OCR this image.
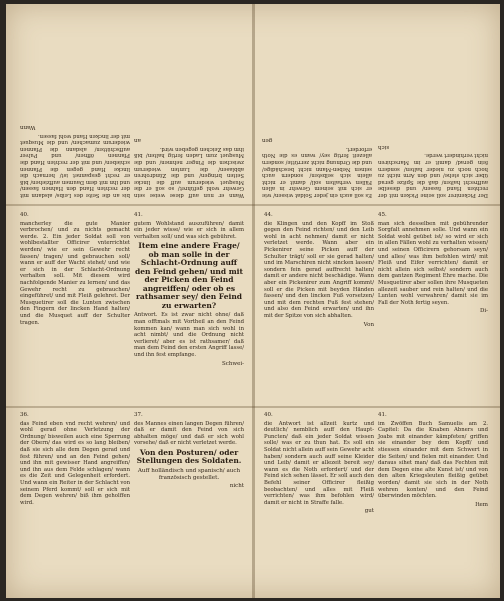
bis an die Seite des Leibs/ alsdann mit der rechten Hand den Hahnen fassen/ und ihn mit dem Daumen auffziehen/ biß er recht gespannet ist/ hernach die lincke Hand gegen die Pfannen schieben/ und mit der rechten Hand die Pfannen öffnen/ und Pulver auffschütten/ alsdann die Pfannen wiederum zumachen/ und die Musquet mit der lincken Hand wohl fassen.

Wann

Wann er nun auff diese weise sein Gewehr wohl geführet/ so soll er die Musquet wiederum auff die lincke Seiten bringen/ und die Zündrohren abblasen/ die Lunten wiederum zwischen die Finger nehmen/ und die Musquet zum Laden fertig halten/ biß ihm das Zeichen gegeben wird.

an

Es soll auch ein jeder Soldat wissen/ wie er sich mit seinem Gewehr in allen Fällen verhalten soll/ damit er nicht allein sich selbsten/ sondern auch seinen Neben-Mann nicht beschädige/ und die Ordnung nicht zerrütte/ sondern allezeit fertig sey/ wann es die Noth erfordert.

gen

Der Pickenirer soll seine Picken mit der rechten Hand fassen/ und dieselbe auffrecht halten/ daß die Spitze gerad über sich stehe/ und den Arm nicht zu hoch noch zu nieder halten/ sondern fein gerad/ damit er im Marschiren nicht verhindert werde.

sich
40.

mancherley die gute Manier verbrochen/ und zu nichts gemacht werde. 2. Ein jeder Soldat soll von wohlbestallter Officirer vnterrichtet werden/ wie er sein Gewehr recht fassen/ tragen/ und gebrauchen soll/ wann er auff der Wacht stehet/ und wie er sich in der Schlacht-Ordnung verhalten soll. Mit diesem wird nachfolgende Manier zu lernen/ und das Gewehr recht zu gebrauchen/ eingeführet/ und mit Fleiß gelehret. Der Musquetirer soll die Lunten zwischen den Fingern der lincken Hand halten/ und die Musquet auff der Schulter tragen.

41.

gutem Wohlstand auszuführen/ damit ein jeder wisse/ wie er sich in allem verhalten soll/ und was sich gebühret.

Item eine andere Frage/ ob man solle in der Schlacht-Ordnung auff den Feind gehen/ und mit der Picken den Feind angreiffen/ oder ob es rathsamer sey/ den Feind zu erwarten?

Antwort. Es ist zwar nicht ohne/ daß man offtmals mit Vortheil an den Feind kommen kan/ wann man sich wohl in acht nimbt/ und die Ordnung nicht verlieret/ aber es ist rathsamer/ daß man dem Feind den ersten Angriff lasse/ und ihn fest empfange.

Schwei-
44.

die Klingen und den Kopff im Stoß gegen den Feind richten/ und den Leib wohl in acht nehmen/ damit er nicht verletzet werde. Wann aber ein Pickenirer seine Picken auff der Schulter trägt/ soll er sie gerad halten/ und im Marschiren nicht sincken lassen/ sondern fein gerad auffrecht halten/ damit er andere nicht beschädige. Wann aber ein Pickenirer zum Angriff kommt/ soll er die Picken mit beyden Händen fassen/ und den lincken Fuß vorsetzen/ und mit dem rechten Fuß fest stehen/ und also den Feind erwarten/ und ihn mit der Spitze von sich abhalten.

Von
45.

man sich desselben mit gebührender Sorgfalt annehmen solle. Und wann ein Soldat wohl geübet ist/ so wird er sich in allen Fällen wohl zu verhalten wissen/ und seinen Officirern gehorsam seyn/ und alles/ was ihm befohlen wird/ mit Fleiß und Eifer verrichten/ damit er nicht allein sich selbst/ sondern auch dem gantzen Regiment Ehre mache. Die Musquetirer aber sollen ihre Musqueten allezeit sauber und rein halten/ und die Lunten wohl verwahren/ damit sie im Fall der Noth fertig seyen.

Di-
36.

das Feind eben vnd recht wehren/ und wohl gerad ohne Verletzung der Ordnung/ bisweilen auch eine Sperrung der Obern/ das wird es so lang bleiben/ daß sie sich alle dem Degen gerad und fest führen/ und an den Feind gehen/ und ihn mit gewisser Hand angreiffen/ und ihn aus dem Felde schlagen/ wann es die Zeit und Gelegenheit erfordert. Und wann ein Reiter in der Schlacht von seinem Pferd kommt/ soll er sich mit dem Degen wehren/ biß ihm geholffen wird.

37.

des Mannes einen langen Degen führen/ daß er damit den Feind von sich abhalten möge/ und daß er sich wohl vorsehe/ daß er nicht verletzet werde.

Von den Posturen/ oder Stellungen des Soldaten.
Auff holländisch und spanisch/ auch französisch gestellet.
nicht
40.

die Antwort ist allzeit kurtz und deutlich/ nemblich auff den Haupt-Puncten/ daß ein jeder Soldat wissen solle/ was er zu thun hat. Es soll ein Soldat nicht allein auff sein Gewehr acht haben/ sondern auch auff seine Kleider und Leib/ damit er allezeit bereit sey/ wann es die Noth erfordert/ und der Feind sich sehen lässet. Er soll auch den Befehl seiner Officirer fleißig beobachten/ und alles mit Fleiß verrichten/ was ihm befohlen wird/ damit er nicht in Straffe falle.

gut
41.

im Zwöffen Buch Samuelis am 2. Capitel: Da die Knaben Abners und Joabs mit einander kämpfeten/ griffen sie einander bey dem Kopff/ und stiessen einander mit dem Schwert in die Seiten/ und fielen mit einander. Und daraus sihet man/ daß das Fechten mit dem Degen eine alte Kunst ist/ und von den alten Kriegsleuten fleißig geübet worden/ damit sie sich in der Noth wehren konten/ und den Feind überwinden möchten.

Item
